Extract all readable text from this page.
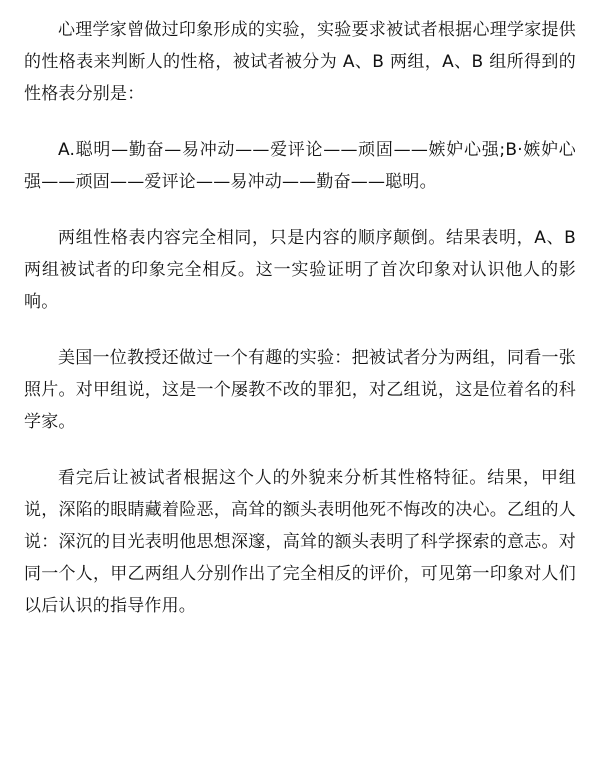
心理学家曾做过印象形成的实验，实验要求被试者根据心理学家提供的性格表来判断人的性格，被试者被分为 A、B 两组，A、B 组所得到的性格表分别是：

A.聪明—勤奋—易冲动——爱评论——顽固——嫉妒心强;B·嫉妒心强——顽固——爱评论——易冲动——勤奋——聪明。

两组性格表内容完全相同，只是内容的顺序颠倒。结果表明，A、B 两组被试者的印象完全相反。这一实验证明了首次印象对认识他人的影响。

美国一位教授还做过一个有趣的实验：把被试者分为两组，同看一张照片。对甲组说，这是一个屡教不改的罪犯，对乙组说，这是位着名的科学家。

看完后让被试者根据这个人的外貌来分析其性格特征。结果，甲组说，深陷的眼睛藏着险恶，高耸的额头表明他死不悔改的决心。乙组的人说：深沉的目光表明他思想深邃，高耸的额头表明了科学探索的意志。对同一个人，甲乙两组人分别作出了完全相反的评价，可见第一印象对人们以后认识的指导作用。
